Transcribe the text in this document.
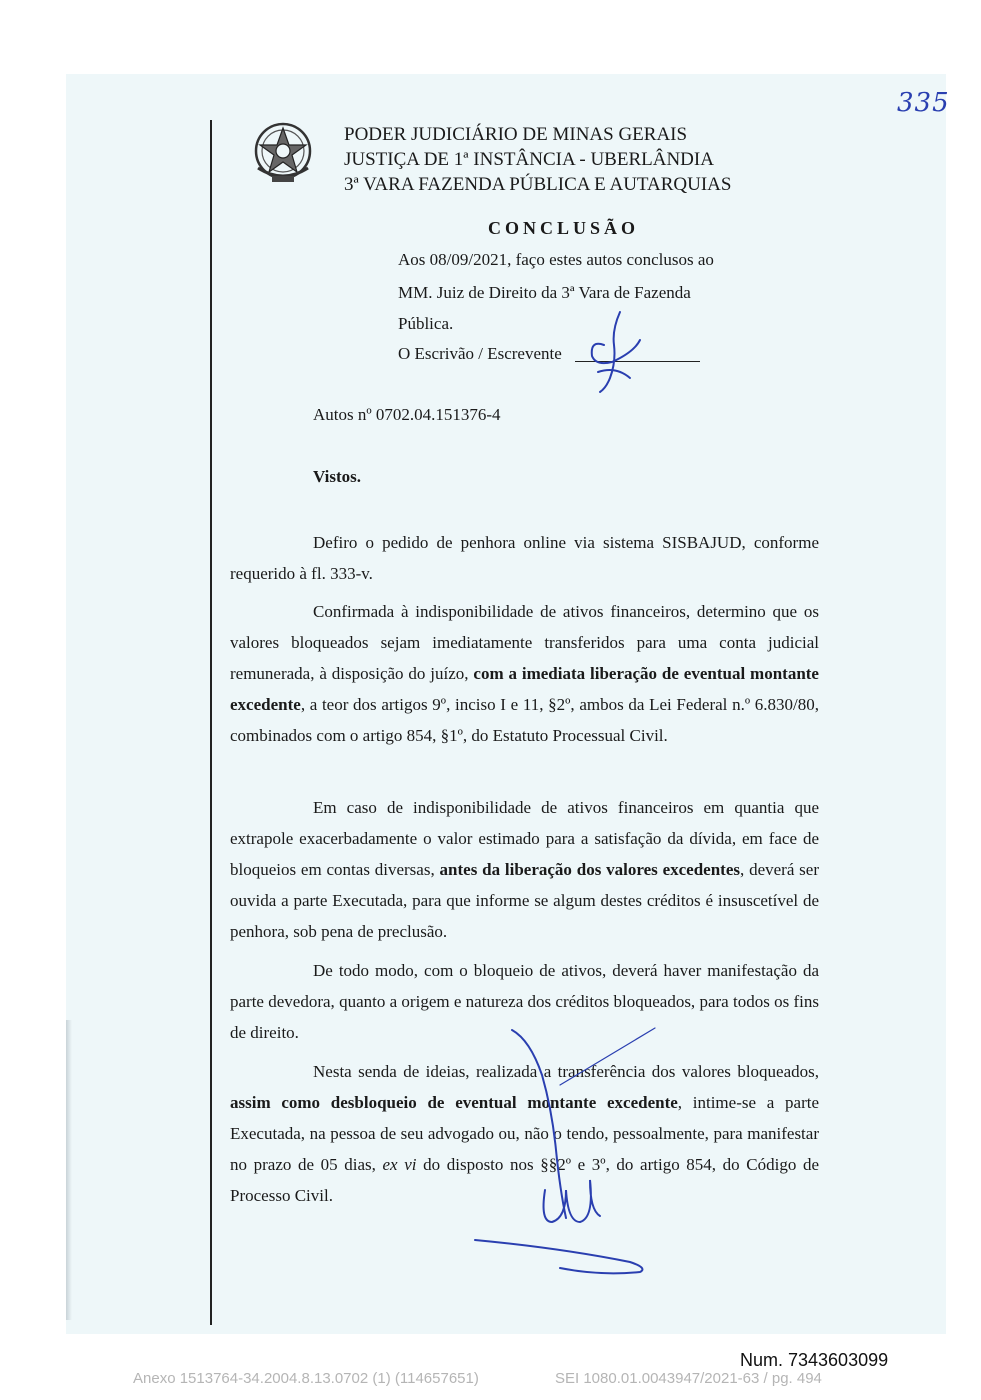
335
PODER JUDICIÁRIO DE MINAS GERAIS
JUSTIÇA DE 1ª INSTÂNCIA - UBERLÂNDIA
3ª VARA FAZENDA PÚBLICA E AUTARQUIAS
CONCLUSÃO
Aos 08/09/2021, faço estes autos conclusos ao
MM. Juiz de Direito da 3ª Vara de Fazenda
Pública.
O Escrivão / Escrevente
Autos nº 0702.04.151376-4
Vistos.

Defiro o pedido de penhora online via sistema SISBAJUD, conforme requerido à fl. 333-v.

Confirmada à indisponibilidade de ativos financeiros, determino que os valores bloqueados sejam imediatamente transferidos para uma conta judicial remunerada, à disposição do juízo, com a imediata liberação de eventual montante excedente, a teor dos artigos 9º, inciso I e 11, §2º, ambos da Lei Federal n.º 6.830/80, combinados com o artigo 854, §1º, do Estatuto Processual Civil.

Em caso de indisponibilidade de ativos financeiros em quantia que extrapole exacerbadamente o valor estimado para a satisfação da dívida, em face de bloqueios em contas diversas, antes da liberação dos valores excedentes, deverá ser ouvida a parte Executada, para que informe se algum destes créditos é insuscetível de penhora, sob pena de preclusão.

De todo modo, com o bloqueio de ativos, deverá haver manifestação da parte devedora, quanto a origem e natureza dos créditos bloqueados, para todos os fins de direito.

Nesta senda de ideias, realizada a transferência dos valores bloqueados, assim como desbloqueio de eventual montante excedente, intime-se a parte Executada, na pessoa de seu advogado ou, não o tendo, pessoalmente, para manifestar no prazo de 05 dias, ex vi do disposto nos §§2º e 3º, do artigo 854, do Código de Processo Civil.

Num. 7343603099
Anexo 1513764-34.2004.8.13.0702 (1) (114657651)	SEI 1080.01.0043947/2021-63 / pg. 494
